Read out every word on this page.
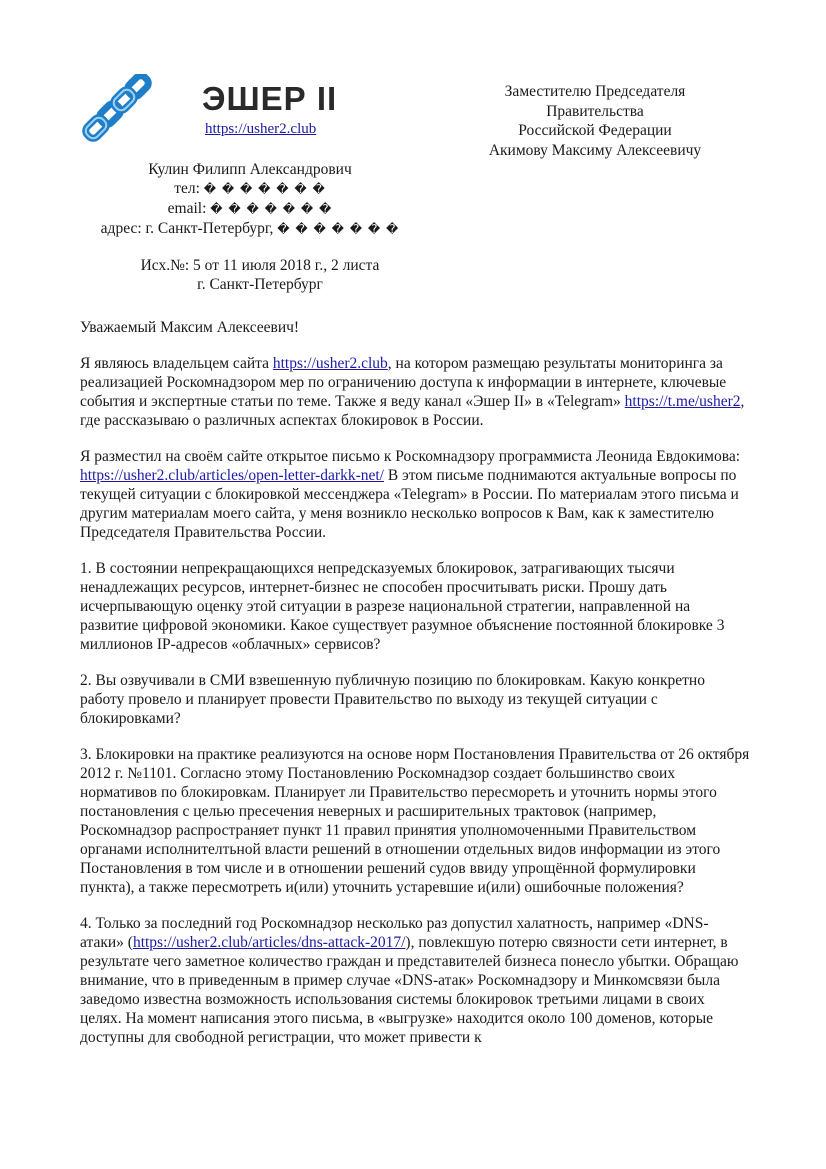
ЭШЕР II
https://usher2.club
Заместителю Председателя
Правительства
Российской Федерации
Акимову Максиму Алексеевичу
Кулин Филипп Александрович
тел: � � � � � � �
email: � � � � � � �
адрес: г. Санкт-Петербург, � � � � � � �
Исх.№: 5 от 11 июля 2018 г., 2 листа
г. Санкт-Петербург

Уважаемый Максим Алексеевич!

Я являюсь владельцем сайта https://usher2.club, на котором размещаю результаты мониторинга за реализацией Роскомнадзором мер по ограничению доступа к информации в интернете, ключевые события и экспертные статьи по теме. Также я веду канал «Эшер II» в «Telegram» https://t.me/usher2, где рассказываю о различных аспектах блокировок в России.

Я разместил на своём сайте открытое письмо к Роскомнадзору программиста Леонида Евдокимова: https://usher2.club/articles/open-letter-darkk-net/ В этом письме поднимаются актуальные вопросы по текущей ситуации с блокировкой мессенджера «Telegram» в России. По материалам этого письма и другим материалам моего сайта, у меня возникло несколько вопросов к Вам, как к заместителю Председателя Правительства России.

1. В состоянии непрекращающихся непредсказуемых блокировок, затрагивающих тысячи ненадлежащих ресурсов, интернет-бизнес не способен просчитывать риски. Прошу дать исчерпывающую оценку этой ситуации в разрезе национальной стратегии, направленной на развитие цифровой экономики. Какое существует разумное объяснение постоянной блокировке 3 миллионов IP-адресов «облачных» сервисов?

2. Вы озвучивали в СМИ взвешенную публичную позицию по блокировкам. Какую конкретно работу провело и планирует провести Правительство по выходу из текущей ситуации с блокировками?

3. Блокировки на практике реализуются на основе норм Постановления Правительства от 26 октября 2012 г. №1101. Согласно этому Постановлению Роскомнадзор создает большинство своих нормативов по блокировкам. Планирует ли Правительство пересмореть и уточнить нормы этого постановления с целью пресечения неверных и расширительных трактовок (например, Роскомнадзор распространяет пункт 11 правил принятия уполномоченными Правительством органами исполнителтьной власти решений в отношении отдельных видов информации из этого Постановления в том числе и в отношении решений судов ввиду упрощённой формулировки пункта), а также пересмотреть и(или) уточнить устаревшие и(или) ошибочные положения?

4. Только за последний год Роскомнадзор несколько раз допустил халатность, например «DNS-атаки» (https://usher2.club/articles/dns-attack-2017/), повлекшую потерю связности сети интернет, в результате чего заметное количество граждан и представителей бизнеса понесло убытки. Обращаю внимание, что в приведенным в пример случае «DNS-атак» Роскомнадзору и Минкомсвязи была заведомо известна возможность использования системы блокировок третьими лицами в своих целях. На момент написания этого письма, в «выгрузке» находится около 100 доменов, которые доступны для свободной регистрации, что может привести к
